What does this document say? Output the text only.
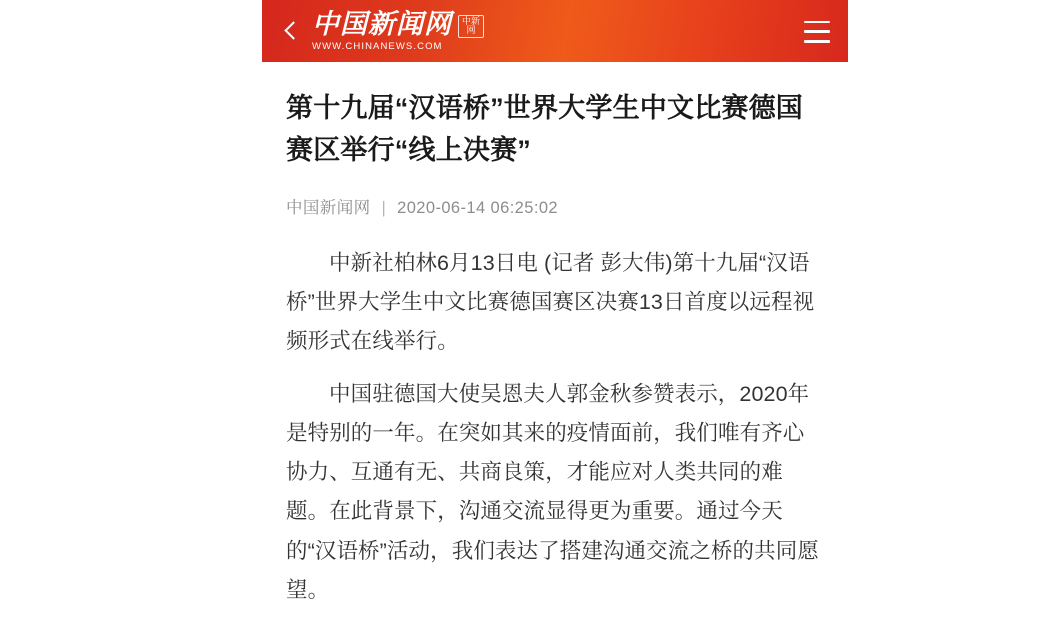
中国新闻网	中新网
WWW.CHINANEWS.COM
第十九届“汉语桥”世界大学生中文比赛德国赛区举行“线上决赛”
中国新闻网 | 2020-06-14 06:25:02

中新社柏林6月13日电 (记者 彭大伟)第十九届“汉语桥”世界大学生中文比赛德国赛区决赛13日首度以远程视频形式在线举行。

中国驻德国大使吴恩夫人郭金秋参赞表示，2020年是特别的一年。在突如其来的疫情面前，我们唯有齐心协力、互通有无、共商良策，才能应对人类共同的难题。在此背景下，沟通交流显得更为重要。通过今天的“汉语桥”活动，我们表达了搭建沟通交流之桥的共同愿望。
